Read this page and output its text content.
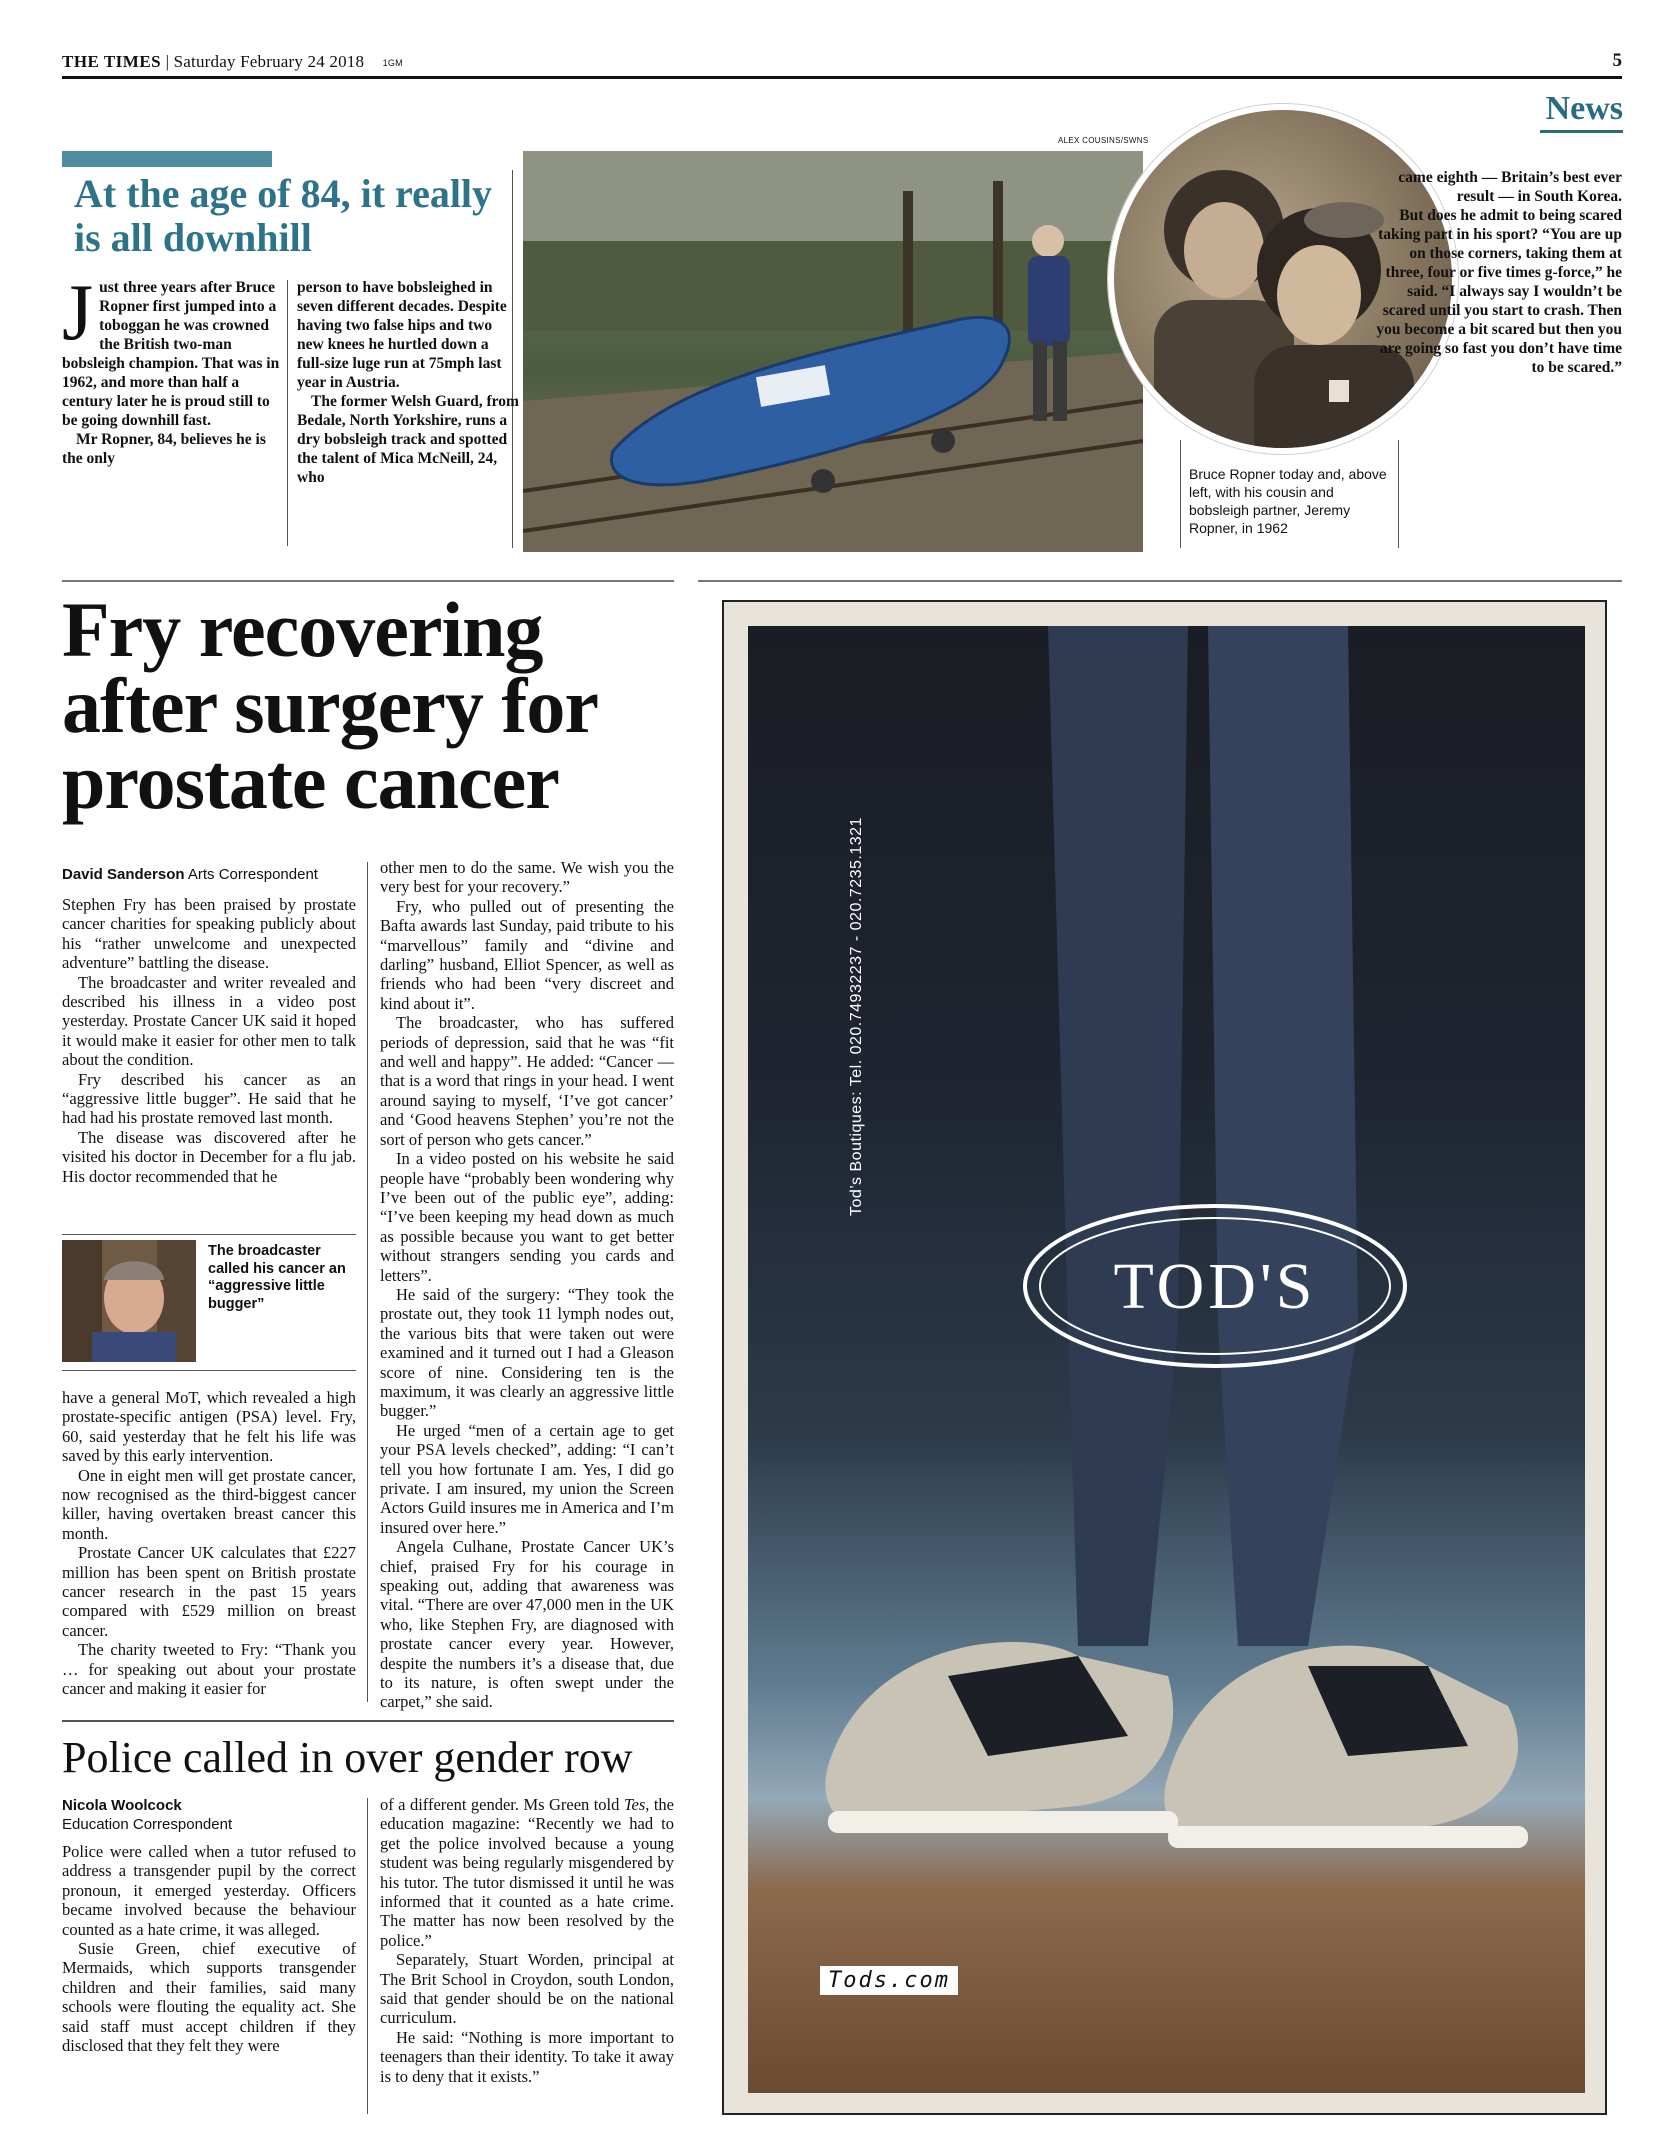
THE TIMES | Saturday February 24 2018 1GM	5
News
At the age of 84, it really is all downhill

Just three years after Bruce Ropner first jumped into a toboggan he was crowned the British two-man bobsleigh champion. That was in 1962, and more than half a century later he is proud still to be going downhill fast.

Mr Ropner, 84, believes he is the only

person to have bobsleighed in seven different decades. Despite having two false hips and two new knees he hurtled down a full-size luge run at 75mph last year in Austria.

The former Welsh Guard, from Bedale, North Yorkshire, runs a dry bobsleigh track and spotted the talent of Mica McNeill, 24, who

ALEX COUSINS/SWNS
Bruce Ropner today and, above left, with his cousin and bobsleigh partner, Jeremy Ropner, in 1962

came eighth — Britain’s best ever result — in South Korea.

But does he admit to being scared taking part in his sport? “You are up on those corners, taking them at three, four or five times g-force,” he said. “I always say I wouldn’t be scared until you start to crash. Then you become a bit scared but then you are going so fast you don’t have time to be scared.”

Fry recovering after surgery for prostate cancer
David Sanderson Arts Correspondent

Stephen Fry has been praised by prostate cancer charities for speaking publicly about his “rather unwelcome and unexpected adventure” battling the disease.

The broadcaster and writer revealed and described his illness in a video post yesterday. Prostate Cancer UK said it hoped it would make it easier for other men to talk about the condition.

Fry described his cancer as an “aggressive little bugger”. He said that he had had his prostate removed last month.

The disease was discovered after he visited his doctor in December for a flu jab. His doctor recommended that he

The broadcaster called his cancer an “aggressive little bugger”

have a general MoT, which revealed a high prostate-specific antigen (PSA) level. Fry, 60, said yesterday that he felt his life was saved by this early intervention.

One in eight men will get prostate cancer, now recognised as the third-biggest cancer killer, having overtaken breast cancer this month.

Prostate Cancer UK calculates that £227 million has been spent on British prostate cancer research in the past 15 years compared with £529 million on breast cancer.

The charity tweeted to Fry: “Thank you … for speaking out about your prostate cancer and making it easier for

other men to do the same. We wish you the very best for your recovery.”

Fry, who pulled out of presenting the Bafta awards last Sunday, paid tribute to his “marvellous” family and “divine and darling” husband, Elliot Spencer, as well as friends who had been “very discreet and kind about it”.

The broadcaster, who has suffered periods of depression, said that he was “fit and well and happy”. He added: “Cancer — that is a word that rings in your head. I went around saying to myself, ‘I’ve got cancer’ and ‘Good heavens Stephen’ you’re not the sort of person who gets cancer.”

In a video posted on his website he said people have “probably been wondering why I’ve been out of the public eye”, adding: “I’ve been keeping my head down as much as possible because you want to get better without strangers sending you cards and letters”.

He said of the surgery: “They took the prostate out, they took 11 lymph nodes out, the various bits that were taken out were examined and it turned out I had a Gleason score of nine. Considering ten is the maximum, it was clearly an aggressive little bugger.”

He urged “men of a certain age to get your PSA levels checked”, adding: “I can’t tell you how fortunate I am. Yes, I did go private. I am insured, my union the Screen Actors Guild insures me in America and I’m insured over here.”

Angela Culhane, Prostate Cancer UK’s chief, praised Fry for his courage in speaking out, adding that awareness was vital. “There are over 47,000 men in the UK who, like Stephen Fry, are diagnosed with prostate cancer every year. However, despite the numbers it’s a disease that, due to its nature, is often swept under the carpet,” she said.

Police called in over gender row
Nicola Woolcock
Education Correspondent

Police were called when a tutor refused to address a transgender pupil by the correct pronoun, it emerged yesterday. Officers became involved because the behaviour counted as a hate crime, it was alleged.

Susie Green, chief executive of Mermaids, which supports transgender children and their families, said many schools were flouting the equality act. She said staff must accept children if they disclosed that they felt they were

of a different gender. Ms Green told Tes, the education magazine: “Recently we had to get the police involved because a young student was being regularly misgendered by his tutor. The tutor dismissed it until he was informed that it counted as a hate crime. The matter has now been resolved by the police.”

Separately, Stuart Worden, principal at The Brit School in Croydon, south London, said that gender should be on the national curriculum.

He said: “Nothing is more important to teenagers than their identity. To take it away is to deny that it exists.”

Tod’s Boutiques: Tel. 020.74932237 - 020.7235.1321
TOD'S
Tods.com
